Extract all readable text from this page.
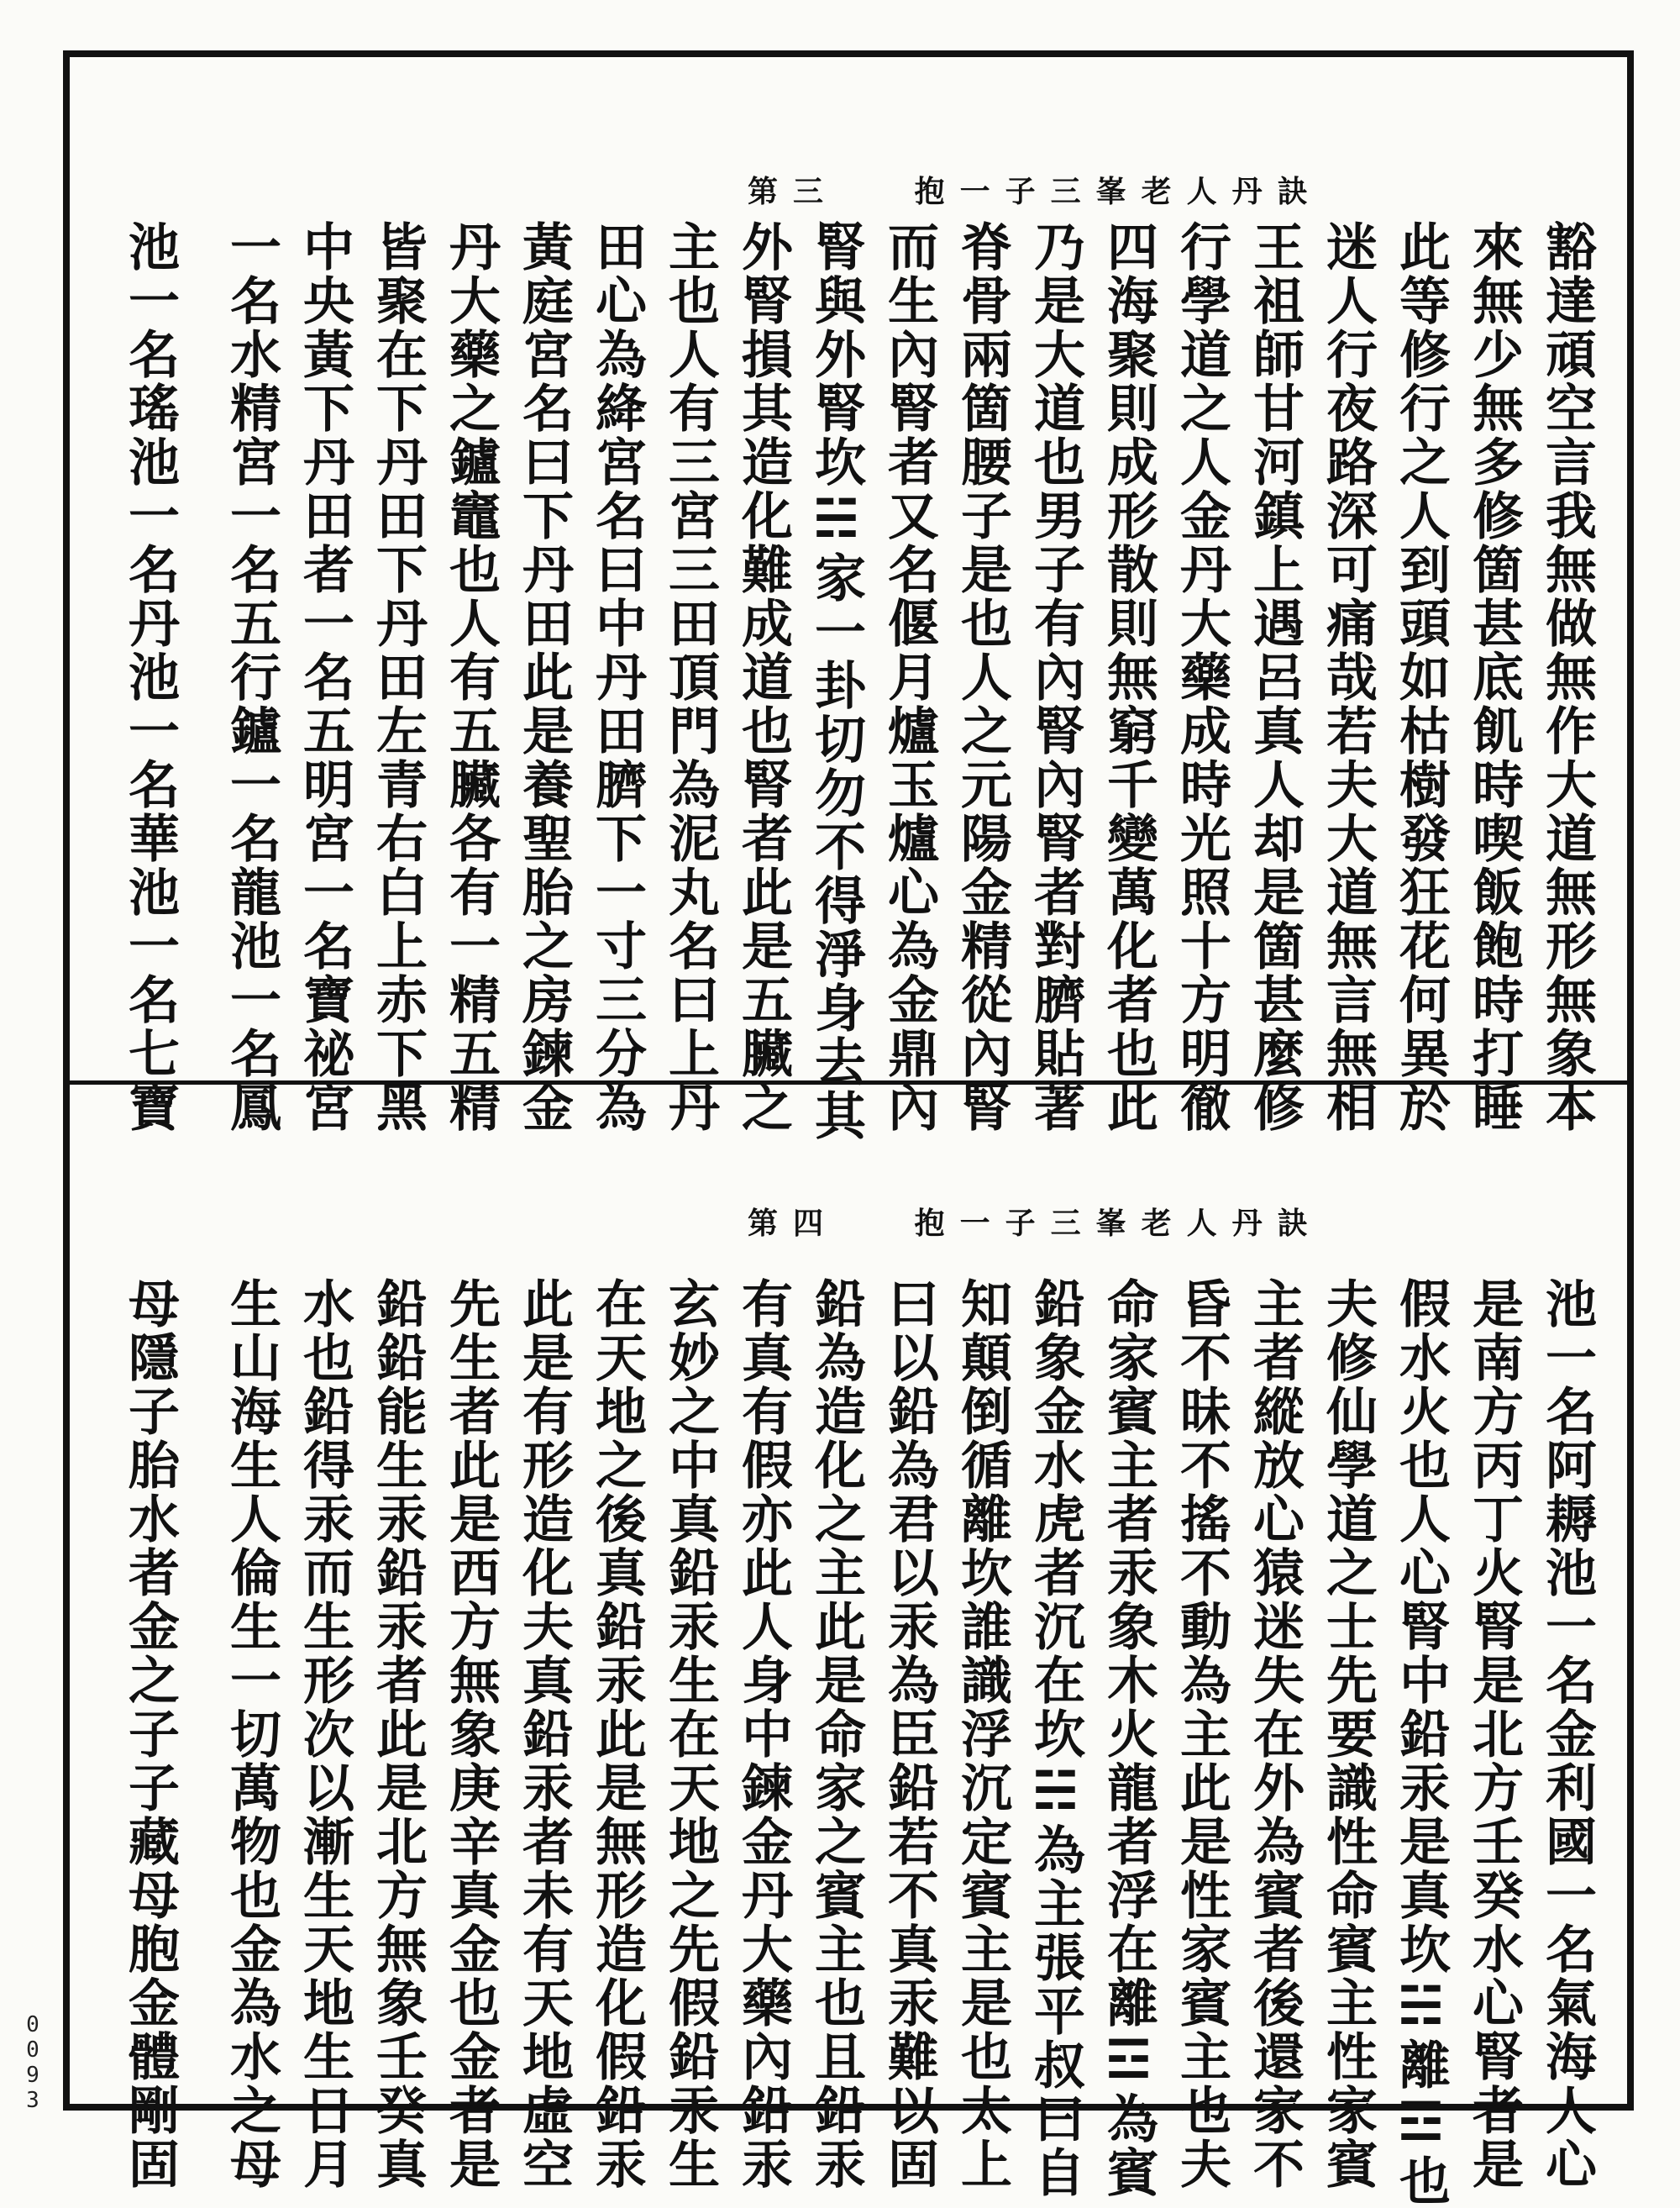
第三	抱一子三峯老人丹訣
豁達頑空言我無做無作大道無形無象本
來無少無多修箇甚底飢時喫飯飽時打睡
此等修行之人到頭如枯樹發狂花何異於
迷人行夜路深可痛哉若夫大道無言無相
王祖師甘河鎮上遇呂真人却是箇甚麼修
行學道之人金丹大藥成時光照十方明徹
四海聚則成形散則無窮千變萬化者也此
乃是大道也男子有內腎內腎者對臍貼著
脊骨兩箇腰子是也人之元陽金精從內腎
而生內腎者又名偃月爐玉爐心為金鼎內
腎與外腎坎☵家一卦切勿不得淨身去其
外腎損其造化難成道也腎者此是五臟之
主也人有三宮三田頂門為泥丸名曰上丹
田心為絳宮名曰中丹田臍下一寸三分為
黃庭宮名曰下丹田此是養聖胎之房鍊金
丹大藥之鑪竈也人有五臟各有一精五精
皆聚在下丹田下丹田左青右白上赤下黑
中央黃下丹田者一名五明宮一名寶祕宮
一名水精宮一名五行鑪一名龍池一名鳳
池一名瑤池一名丹池一名華池一名七寶
第四	抱一子三峯老人丹訣
池一名阿耨池一名金利國一名氣海人心
是南方丙丁火腎是北方壬癸水心腎者是
假水火也人心腎中鉛汞是真坎☵離☲也
夫修仙學道之士先要識性命賓主性家賓
主者縱放心猿迷失在外為賓者後還家不
昏不昧不搖不動為主此是性家賓主也夫
命家賓主者汞象木火龍者浮在離☲為賓
鉛象金水虎者沉在坎☵為主張平叔曰自
知顛倒循離坎誰識浮沉定賓主是也太上
曰以鉛為君以汞為臣鉛若不真汞難以固
鉛為造化之主此是命家之賓主也且鉛汞
有真有假亦此人身中鍊金丹大藥內鉛汞
玄妙之中真鉛汞生在天地之先假鉛汞生
在天地之後真鉛汞此是無形造化假鉛汞
此是有形造化夫真鉛汞者未有天地虛空
先生者此是西方無象庚辛真金也金者是
鉛鉛能生汞鉛汞者此是北方無象壬癸真
水也鉛得汞而生形次以漸生天地生日月
生山海生人倫生一切萬物也金為水之母
母隱子胎水者金之子子藏母胞金體剛固
0093
